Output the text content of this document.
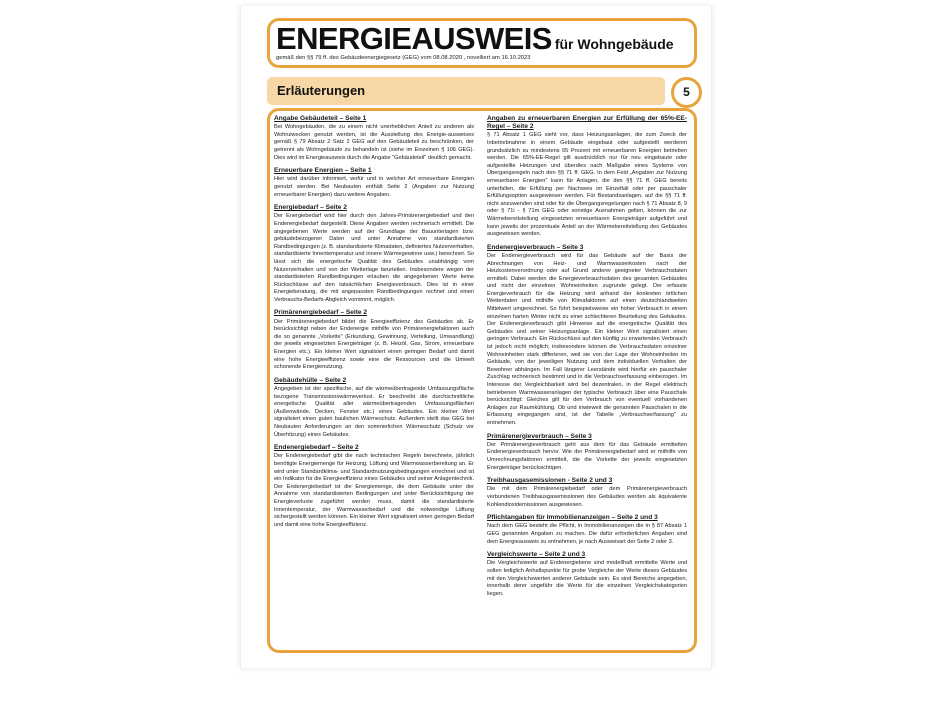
ENERGIEAUSWEIS für Wohngebäude
gemäß den §§ 79 ff. des Gebäudeenergiegesetz (GEG) vom 08.08.2020 , novelliert am 16.10.2023
Erläuterungen	5
Angabe Gebäudeteil – Seite 1

Bei Wohngebäuden, die zu einem nicht unerheblichen Anteil zu anderen als Wohnzwecken genutzt werden, ist die Ausstellung des Energie-ausweises gemäß § 79 Absatz 2 Satz 2 GEG auf den Gebäudeteil zu beschränken, der getrennt als Wohngebäude zu behandeln ist (siehe im Einzelnen § 106 GEG). Dies wird im Energieausweis durch die Angabe "Gebäudeteil" deutlich gemacht.

Erneuerbare Energien – Seite 1

Hier wird darüber informiert, wofür und in welcher Art erneuerbare Energien genutzt werden. Bei Neubauten enthält Seite 2 (Angaben zur Nutzung erneuerbarer Energien) dazu weitere Angaben.

Energiebedarf – Seite 2

Der Energiebedarf wird hier durch den Jahres-Primärenergiebedarf und den Endenergiebedarf dargestellt. Diese Angaben werden rechnerisch ermittelt. Die angegebenen Werte werden auf der Grundlage der Bauunterlagen bzw. gebäudebezogener Daten und unter Annahme von standardisierten Randbedingungen (z. B. standardisierte Klimadaten, definiertes Nutzerverhalten, standardisierte Innentemperatur und innere Wärmegewinne usw.) berechnet. So lässt sich die energetische Qualität des Gebäudes unabhängig vom Nutzerverhalten und von der Wetterlage beurteilen. Insbesondere wegen der standardisierten Randbedingungen erlauben die angegebenen Werte keine Rückschlüsse auf den tatsächlichen Energieverbrauch. Dies ist in einer Energieberatung, die mit angepassten Randbedingungen rechnet und einen Verbrauchs-Bedarfs-Abgleich vornimmt, möglich.

Primärenergiebedarf – Seite 2

Der Primärenergiebedarf bildet die Energieeffizienz des Gebäudes ab. Er berücksichtigt neben der Endenergie mithilfe von Primärenergiefaktoren auch die so genannte „Vorkette" (Erkundung, Gewinnung, Verteilung, Umwandlung) der jeweils eingesetzten Energieträger (z. B. Heizöl, Gas, Strom, erneuerbare Energien etc.). Ein kleiner Wert signalisiert einen geringen Bedarf und damit eine hohe Energieeffizienz sowie eine die Ressourcen und die Umwelt schonende Energienutzung.

Gebäudehülle – Seite 2

Angegeben ist der spezifische, auf die wärmeübertragende Umfassungsfläche bezogene Transmissionswärmeverlust. Er beschreibt die durchschnittliche energetische Qualität aller wärmeübertragenden Umfassungsflächen (Außenwände, Decken, Fenster etc.) eines Gebäudes. Ein kleiner Wert signalisiert einen guten baulichen Wärmeschutz. Außerdem stellt das GEG bei Neubauten Anforderungen an den sommerlichen Wärmeschutz (Schutz vor Überhitzung) eines Gebäudes.

Endenergiebedarf – Seite 2

Der Endenergiebedarf gibt die nach technischen Regeln berechnete, jährlich benötigte Energiemenge für Heizung, Lüftung und Warmwasserbereitung an. Er wird unter Standardklima- und Standardnutzungsbedingungen errechnet und ist ein Indikator für die Energieeffizienz eines Gebäudes und seiner Anlagentechnik. Der Endenergiebedarf ist die Energiemenge, die dem Gebäude unter der Annahme von standardisierten Bedingungen und unter Berücksichtigung der Energieverluste zugeführt werden muss, damit die standardisierte Innentemperatur, der Warmwasserbedarf und die notwendige Lüftung sichergestellt werden können. Ein kleiner Wert signalisiert einen geringen Bedarf und damit eine hohe Energieeffizienz.

Angaben zu erneuerbaren Energien zur Erfüllung der 65%-EE-Regel – Seite 2

§ 71 Absatz 1 GEG sieht vor, dass Heizungsanlagen, die zum Zweck der Inbetriebnahme in einem Gebäude eingebaut oder aufgestellt werdenm grundsätzlich zu mindestens 65 Prozent mit erneuerbaren Energien betrieben werden. Die 65%-EE-Regel gilt ausdrücklich nur für neu eingebaute oder aufgestellte Heizungen und überdies nach Maßgabe eines Systems von Übergangsregeln nach den §§ 71 ff. GEG. In dem Feld „Angaben zur Nutzung erneuerbarer Energien" kann für Anlagen, die den §§ 71 ff. GEG bereits unterfallen, die Erfüllung per Nachweis im Einzelfall oder per pauschaler Erfüllungsoption ausgewiesen werden. Für Bestandsanlagen, auf die §§ 71 ff. nicht anzuwenden sind oder für die Übergangsregelungen nach § 71 Absatz 8, 9 oder § 71i - § 71m GEG oder sonstige Ausnahmen gelten, können die zur Wärmebereitstellung eingesetzten erneuerbaren Energieträger aufgeführt und kann jeweils der prozentuale Anteil an der Wärmebereitstellung des Gebäudes ausgewiesen werden.

Endenergieverbrauch – Seite 3

Der Endenergieverbrauch wird für das Gebäude auf der Basis der Abrechnungen von Heiz- und Warmwasserkosten nach der Heizkostenverordnung oder auf Grund anderer geeigneter Verbrauchsdaten ermittelt. Dabei werden die Energieverbrauchsdaten des gesamten Gebäudes und nicht der einzelnen Wohneinheiten zugrunde gelegt. Der erfasste Energieverbrauch für die Heizung wird anhand der konkreten örtlichen Wetterdaten und mithilfe von Klimafaktoren auf einen deutschlandweiten Mittelwert umgerechnet. So führt beispielsweise ein hoher Verbrauch in einem einzelnen harten Winter nicht zu einer schlechteren Beurteilung des Gebäudes. Der Endenergieverbrauch gibt Hinweise auf die energetische Qualität des Gebäudes und seiner Heizungsanlage. Ein kleiner Wert signalisiert einen geringen Verbrauch. Ein Rückschluss auf den künftig zu erwartenden Verbrauch ist jedoch nicht möglich; insbesondere können die Verbrauchsdaten einzelner Wohneinheiten stark differieren, weil sie von der Lage der Wohneinheiten im Gebäude, von der jeweiligen Nutzung und dem individuellen Verhalten der Bewohner abhängen. Im Fall längerer Leerstände wird hierfür ein pauschaler Zuschlag rechnerisch bestimmt und in die Verbrauchserfassung einbezogen. Im Interesse der Vergleichbarkeit wird bei dezentralen, in der Regel elektrisch betriebenen Warmwasseranlagen der typische Verbrauch über eine Pauschale berücksichtigt: Gleiches gilt für den Verbrauch von eventuell vorhandenen Anlagen zur Raumkühlung. Ob und inwieweit die genannten Pauschalen in die Erfassung eingegangen sind, ist der Tabelle „Verbrauchserfassung" zu entnehmen.

Primärenergieverbrauch – Seite 3

Der Primärenergieverbrauch geht aus dem für das Gebäude ermittelten Endenergieverbrauch hervor. Wie der Primärenergiebedarf wird er mithilfe von Umrechnungsfaktoren ermittelt, die die Vorkette der jeweils eingesetzten Energieträger berücksichtigen.

Treibhausgasemissionen - Seite 2 und 3

Die mit dem Primärenergiebedarf oder dem Primärenergieverbrauch verbundenen Treibhausgasemissionen des Gebäudes werden als äquivalente Kohlendioxidemissionen ausgewiesen.

Pflichtangaben für Immobilienanzeigen – Seite 2 und 3

Nach dem GEG besteht die Pflicht, in Immobilienanzeigen die in § 87 Absatz 1 GEG genannten Angaben zu machen. Die dafür erforderlichen Angaben sind dem Energieausweis zu entnehmen, je nach Ausweisart der Seite 2 oder 3.

Vergleichswerte – Seite 2 und 3

Die Vergleichswerte auf Endenergiebene sind modellhaft ermittelte Werte und sollen lediglich Anhaltspunkte für grobe Vergleiche der Werte dieses Gebäudes mit den Vergleichswerten anderer Gebäude sein. Es sind Bereiche angegeben, innerhalb derer ungefähr die Werte für die einzelnen Vergleichskategorien liegen.
